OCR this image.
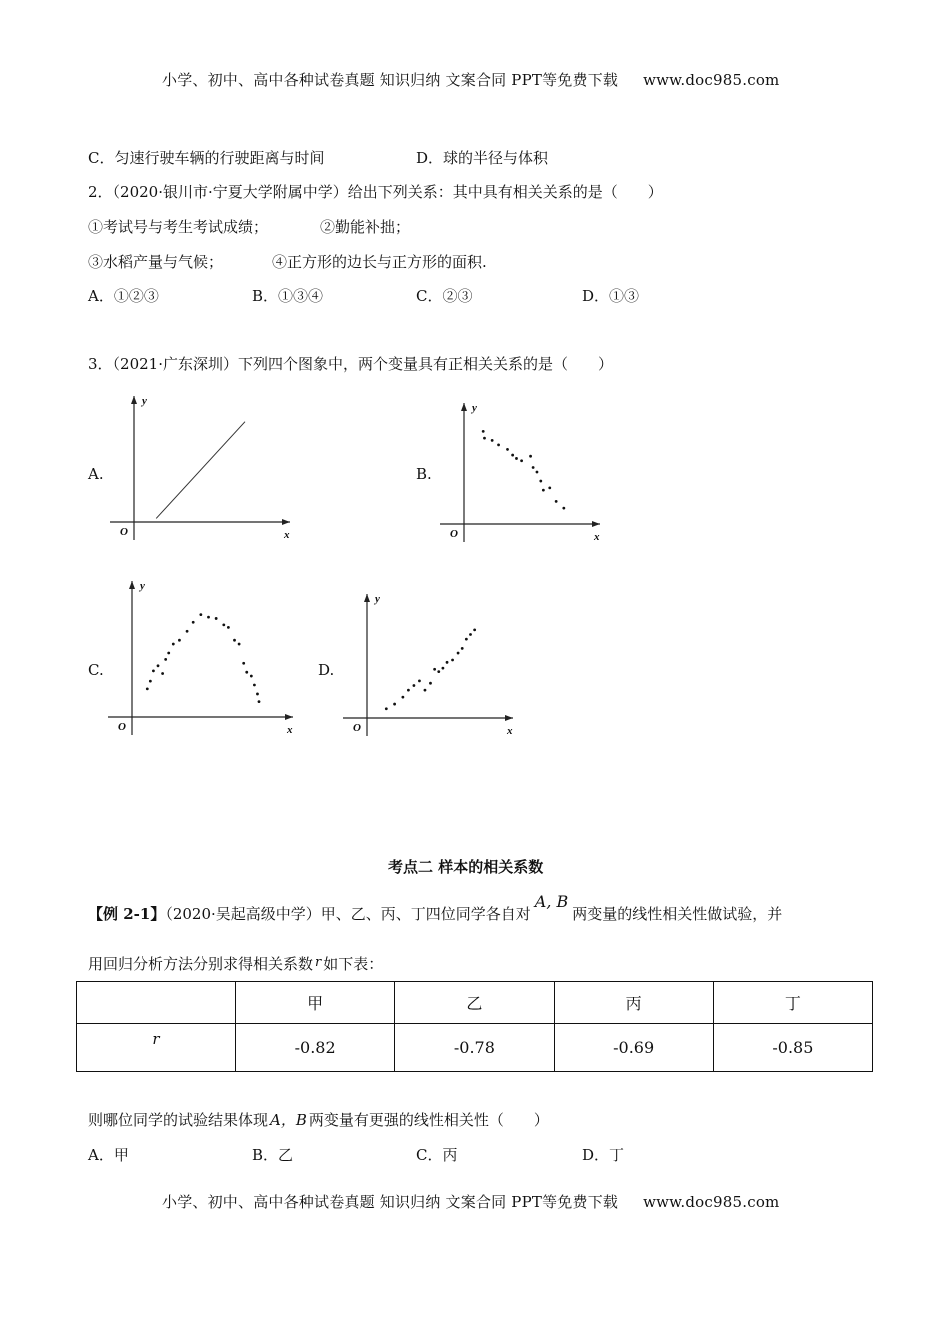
小学、初中、高中各种试卷真题 知识归纳 文案合同 PPT等免费下载 www.doc985.com
C．匀速行驶车辆的行驶距离与时间	D．球的半径与体积
2．（2020·银川市·宁夏大学附属中学）给出下列关系：其中具有相关关系的是（　　）
①考试号与考生考试成绩；	②勤能补拙；
③水稻产量与气候；	④正方形的边长与正方形的面积.
A．①②③	B．①③④	C．②③	D．①③
3．（2021·广东深圳）下列四个图象中，两个变量具有正相关关系的是（　　）
A.	B.
C.	D.
x
y
O	x
y
O
x
y
O	x
y
O
考点二 样本的相关系数
【例 2-1】（2020·吴起高级中学）甲、乙、丙、丁四位同学各自对A, B两变量的线性相关性做试验，并
用回归分析方法分别求得相关系数 r 如下表：
	甲	乙	丙	丁
r	-0.82	-0.78	-0.69	-0.85
则哪位同学的试验结果体现 A，B 两变量有更强的线性相关性（　　）
A．甲	B．乙	C．丙	D．丁
小学、初中、高中各种试卷真题 知识归纳 文案合同 PPT等免费下载 www.doc985.com
